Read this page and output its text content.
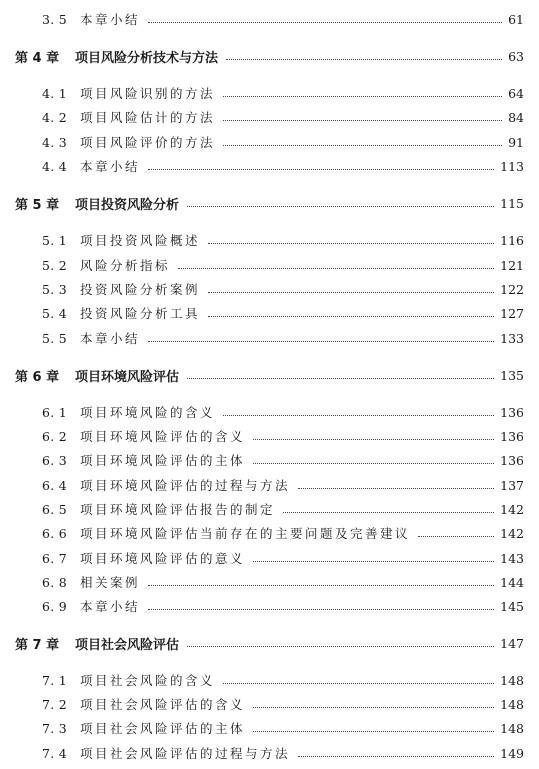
3. 5 本章小结	61
第 4 章 项目风险分析技术与方法	63
4. 1 项目风险识别的方法	64
4. 2 项目风险估计的方法	84
4. 3 项目风险评价的方法	91
4. 4 本章小结	113
第 5 章 项目投资风险分析	115
5. 1 项目投资风险概述	116
5. 2 风险分析指标	121
5. 3 投资风险分析案例	122
5. 4 投资风险分析工具	127
5. 5 本章小结	133
第 6 章 项目环境风险评估	135
6. 1 项目环境风险的含义	136
6. 2 项目环境风险评估的含义	136
6. 3 项目环境风险评估的主体	136
6. 4 项目环境风险评估的过程与方法	137
6. 5 项目环境风险评估报告的制定	142
6. 6 项目环境风险评估当前存在的主要问题及完善建议	142
6. 7 项目环境风险评估的意义	143
6. 8 相关案例	144
6. 9 本章小结	145
第 7 章 项目社会风险评估	147
7. 1 项目社会风险的含义	148
7. 2 项目社会风险评估的含义	148
7. 3 项目社会风险评估的主体	148
7. 4 项目社会风险评估的过程与方法	149
